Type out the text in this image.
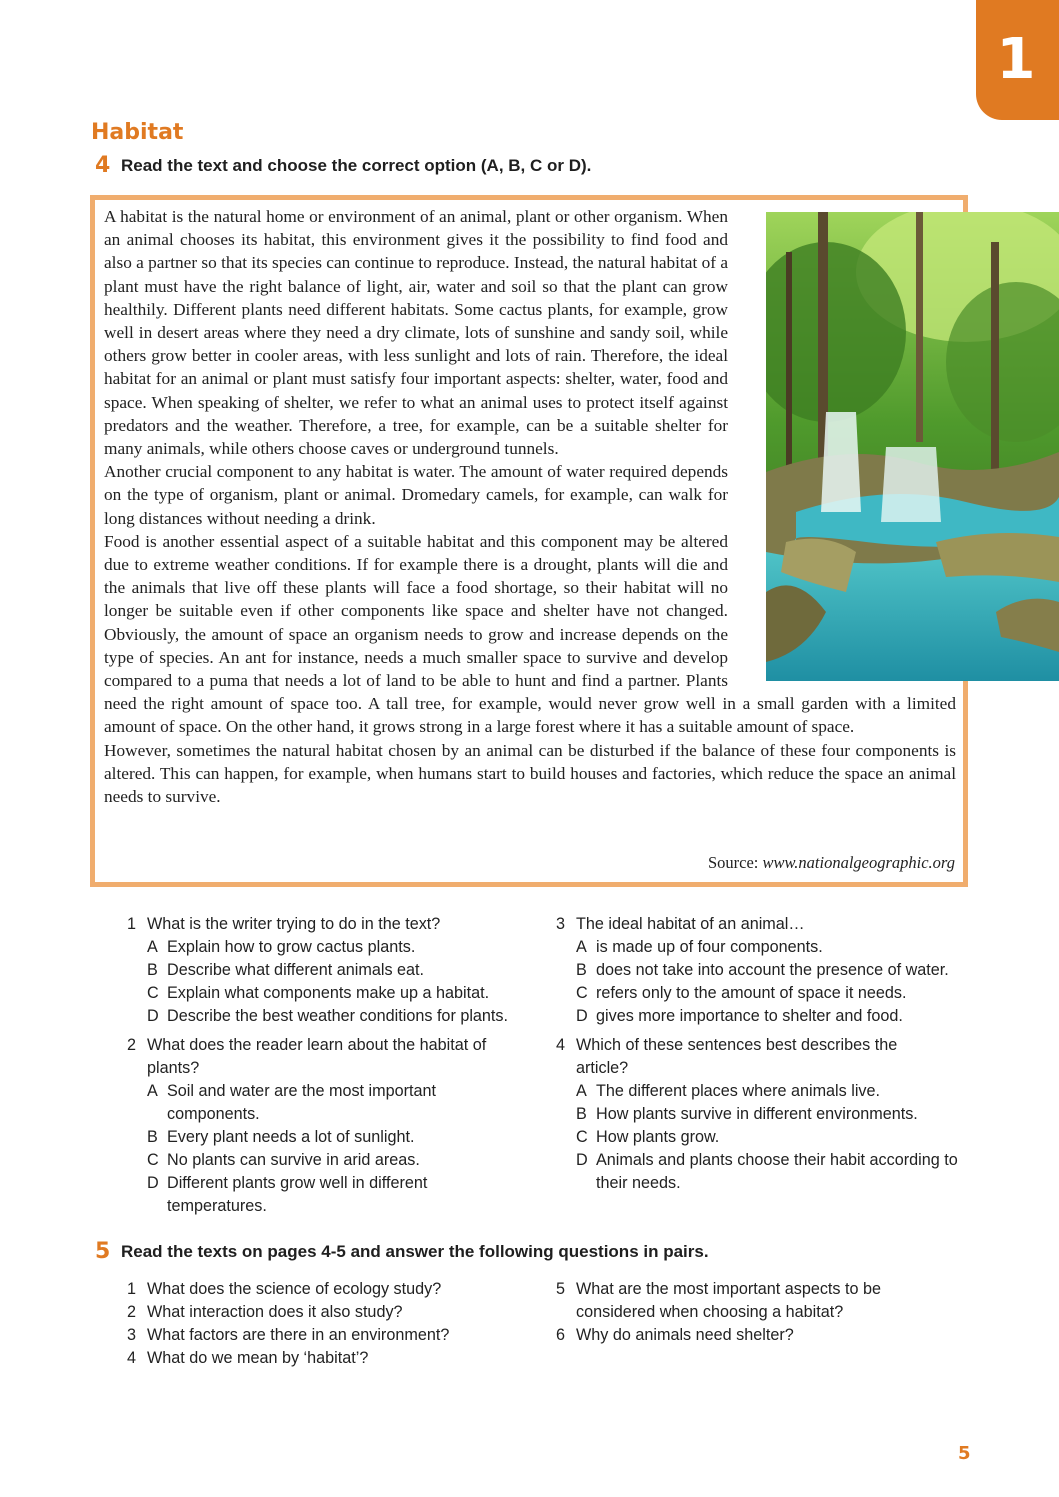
1
Habitat
4 Read the text and choose the correct option (A, B, C or D).

A habitat is the natural home or environment of an animal, plant or other organism. When an animal chooses its habitat, this environment gives it the possibility to find food and also a partner so that its species can continue to reproduce. Instead, the natural habitat of a plant must have the right balance of light, air, water and soil so that the plant can grow healthily. Different plants need different habitats. Some cactus plants, for example, grow well in desert areas where they need a dry climate, lots of sunshine and sandy soil, while others grow better in cooler areas, with less sunlight and lots of rain. Therefore, the ideal habitat for an animal or plant must satisfy four important aspects: shelter, water, food and space. When speaking of shelter, we refer to what an animal uses to protect itself against predators and the weather. Therefore, a tree, for example, can be a suitable shelter for many animals, while others choose caves or underground tunnels.

Another crucial component to any habitat is water. The amount of water required depends on the type of organism, plant or animal. Dromedary camels, for example, can walk for long distances without needing a drink.

Food is another essential aspect of a suitable habitat and this component may be altered due to extreme weather conditions. If for example there is a drought, plants will die and the animals that live off these plants will face a food shortage, so their habitat will no longer be suitable even if other components like space and shelter have not changed. Obviously, the amount of space an organism needs to grow and increase depends on the type of species. An ant for instance, needs a much smaller space to survive and develop compared to a puma that needs a lot of land to be able to hunt and find a partner. Plants need the right amount of space too. A tall tree, for example, would never grow well in a small garden with a limited amount of space. On the other hand, it grows strong in a large forest where it has a suitable amount of space.

However, sometimes the natural habitat chosen by an animal can be disturbed if the balance of these four components is altered. This can happen, for example, when humans start to build houses and factories, which reduce the space an animal needs to survive.

Source: www.nationalgeographic.org
1 What is the writer trying to do in the text?
A Explain how to grow cactus plants.
B Describe what different animals eat.
C Explain what components make up a habitat.
D Describe the best weather conditions for plants.
2 What does the reader learn about the habitat of plants?
A Soil and water are the most important components.
B Every plant needs a lot of sunlight.
C No plants can survive in arid areas.
D Different plants grow well in different temperatures.
3 The ideal habitat of an animal…
A is made up of four components.
B does not take into account the presence of water.
C refers only to the amount of space it needs.
D gives more importance to shelter and food.
4 Which of these sentences best describes the article?
A The different places where animals live.
B How plants survive in different environments.
C How plants grow.
D Animals and plants choose their habit according to their needs.
5 Read the texts on pages 4-5 and answer the following questions in pairs.
1 What does the science of ecology study?
2 What interaction does it also study?
3 What factors are there in an environment?
4 What do we mean by ‘habitat’?
5 What are the most important aspects to be considered when choosing a habitat?
6 Why do animals need shelter?
5
